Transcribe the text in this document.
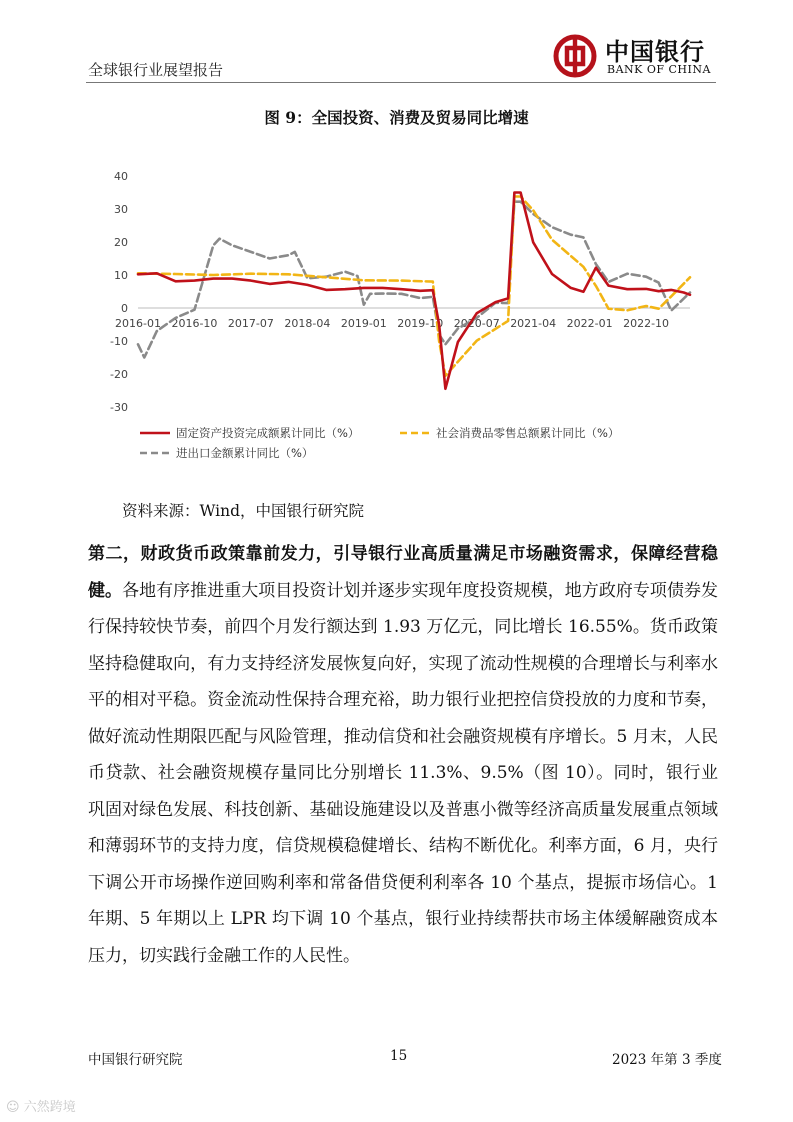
全球银行业展望报告
中国银行
BANK OF CHINA
图 9：全国投资、消费及贸易同比增速
40
30
20
10
0
-10
-20
-30
2016-01 2016-10 2017-07 2018-04 2019-01 2019-10 2020-07 2021-04 2022-01 2022-10
固定资产投资完成额累计同比（%）	社会消费品零售总额累计同比（%）
进出口金额累计同比（%）
资料来源：Wind，中国银行研究院
第二，财政货币政策靠前发力，引导银行业高质量满足市场融资需求，保障经营稳健。各地有序推进重大项目投资计划并逐步实现年度投资规模，地方政府专项债券发行保持较快节奏，前四个月发行额达到 1.93 万亿元，同比增长 16.55%。货币政策坚持稳健取向，有力支持经济发展恢复向好，实现了流动性规模的合理增长与利率水平的相对平稳。资金流动性保持合理充裕，助力银行业把控信贷投放的力度和节奏，做好流动性期限匹配与风险管理，推动信贷和社会融资规模有序增长。5 月末，人民币贷款、社会融资规模存量同比分别增长 11.3%、9.5%（图 10）。同时，银行业巩固对绿色发展、科技创新、基础设施建设以及普惠小微等经济高质量发展重点领域和薄弱环节的支持力度，信贷规模稳健增长、结构不断优化。利率方面，6 月，央行下调公开市场操作逆回购利率和常备借贷便利利率各 10 个基点，提振市场信心。1 年期、5 年期以上 LPR 均下调 10 个基点，银行业持续帮扶市场主体缓解融资成本压力，切实践行金融工作的人民性。
中国银行研究院	15	2023 年第 3 季度
☺ 六然跨境
